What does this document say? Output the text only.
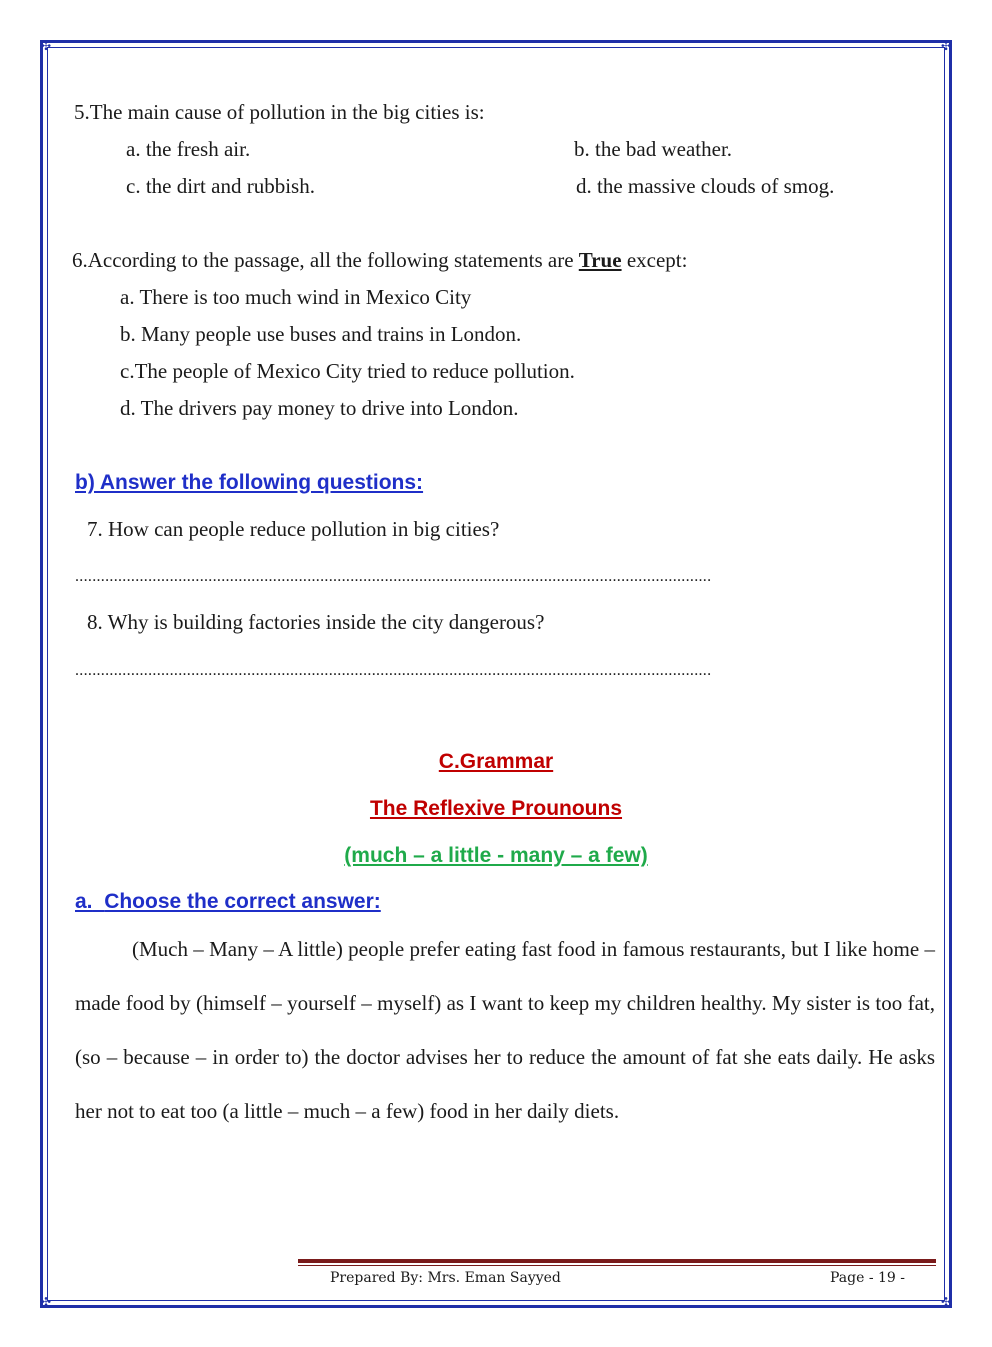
✣	✣
✣	✣
5.The main cause of pollution in the big cities is:
a. the fresh air.	b. the bad weather.
c. the dirt and rubbish.	d. the massive clouds of smog.
6.According to the passage, all the following statements are True except:
a. There is too much wind in Mexico City
b. Many people use buses and trains in London.
c.The people of Mexico City tried to reduce pollution.
d. The drivers pay money to drive into London.
b) Answer the following questions:
7. How can people reduce pollution in big cities?
....................................................................................................................................................
8. Why is building factories inside the city dangerous?
....................................................................................................................................................
C.Grammar
The Reflexive Prounouns
(much – a little - many – a few)
a. Choose the correct answer:
(Much – Many – A little) people prefer eating fast food in famous restaurants, but I like home – made food by (himself – yourself – myself) as I want to keep my children healthy. My sister is too fat, (so – because – in order to) the doctor advises her to reduce the amount of fat she eats daily. He asks her not to eat too (a little – much – a few) food in her daily diets.
Prepared By: Mrs. Eman Sayyed	Page - 19 -
